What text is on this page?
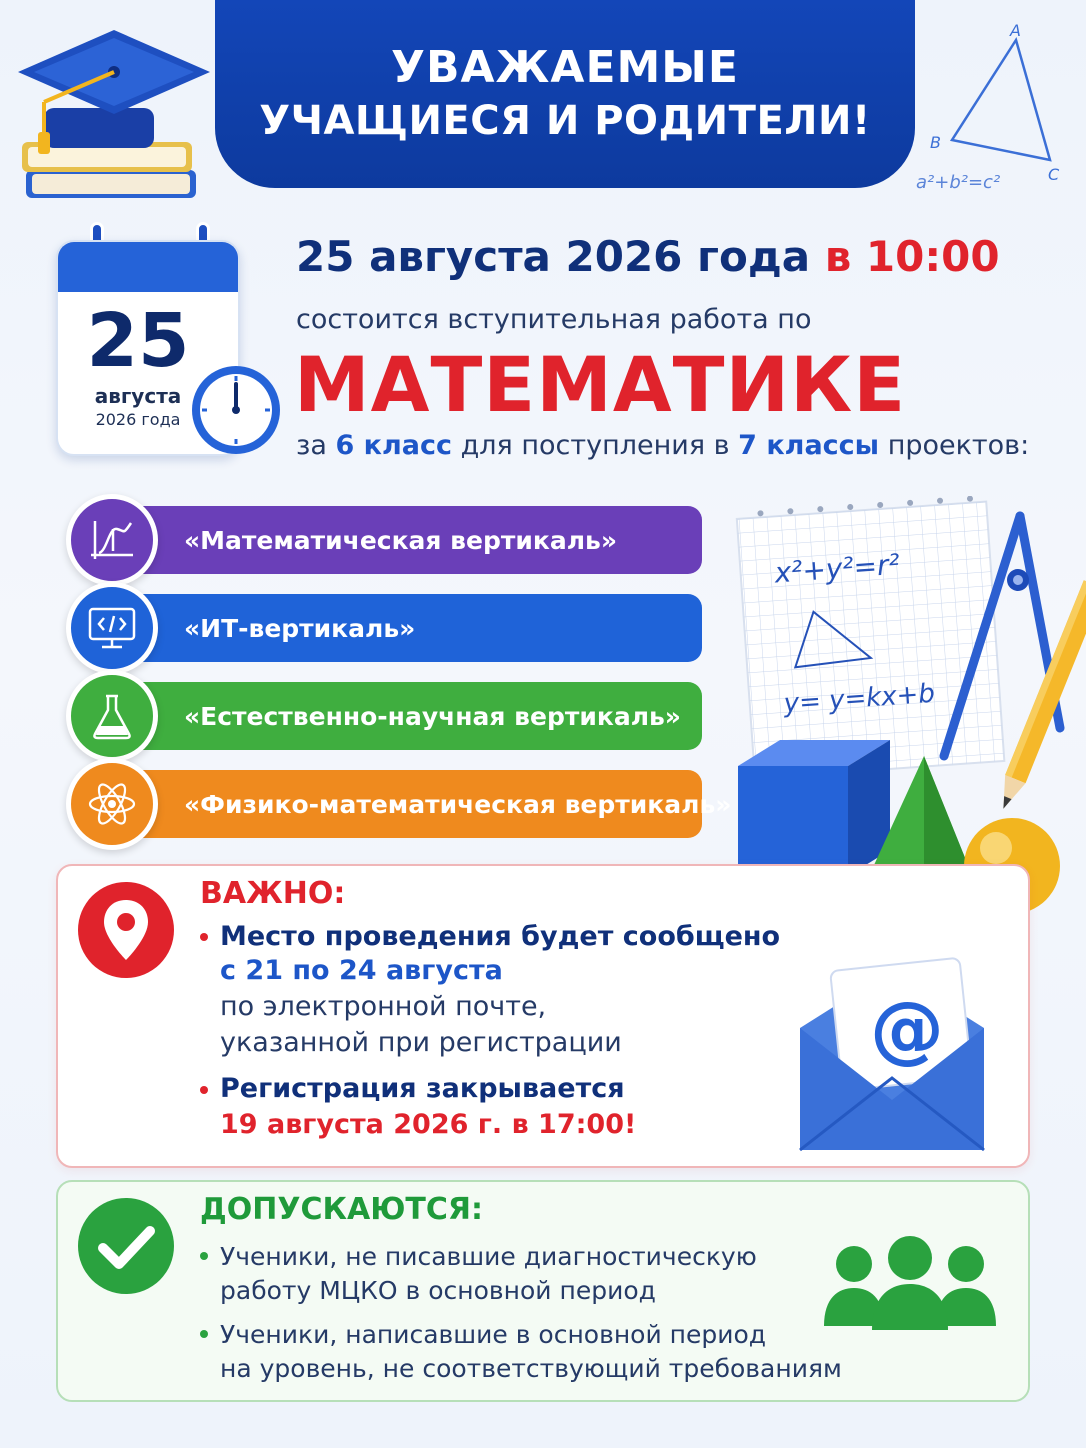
УВАЖАЕМЫЕ
УЧАЩИЕСЯ И РОДИТЕЛИ!
A
B
C
a²+b²=c²
25
августа
2026 года
25 августа 2026 года в 10:00
состоится вступительная работа по
МАТЕМАТИКЕ
за 6 класс для поступления в 7 классы проектов:
«Математическая вертикаль»
«ИТ-вертикаль»
«Естественно-научная вертикаль»
«Физико-математическая вертикаль»
x²+y²=r²
y= y=kx+b
ВАЖНО:
Место проведения будет сообщено
с 21 по 24 августа
по электронной почте,
указанной при регистрации
Регистрация закрывается
19 августа 2026 г. в 17:00!
@
ДОПУСКАЮТСЯ:
Ученики, не писавшие диагностическую
работу МЦКО в основной период
Ученики, написавшие в основной период
на уровень, не соответствующий требованиям
